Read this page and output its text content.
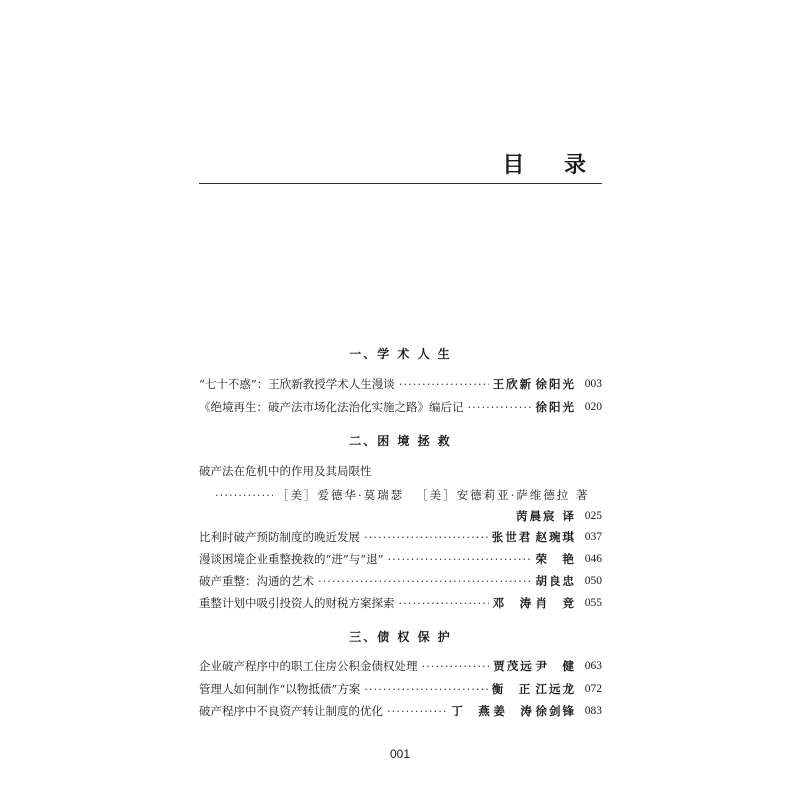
目 录
一、学 术 人 生
“七十不惑”：王欣新教授学术人生漫谈 ·····	王欣新 徐阳光 003
《绝境再生：破产法市场化法治化实施之路》编后记 ·····	徐阳光 020
二、困 境 拯 救
破产法在危机中的作用及其局限性
·····
［美］爱德华·莫瑞瑟 ［美］安德莉亚·萨维德拉 著
苪晨宸 译 025
比利时破产预防制度的晚近发展 ·····	张世君 赵琬琪 037
漫谈困境企业重整挽救的“进”与“退” ·····	荣　艳 046
破产重整：沟通的艺术 ·····	胡良忠 050
重整计划中吸引投资人的财税方案探索 ·····	邓　涛 肖　竞 055
三、债 权 保 护
企业破产程序中的职工住房公积金债权处理 ·····	贾茂远 尹　健 063
管理人如何制作“以物抵债”方案 ·····	衡　正 江远龙 072
破产程序中不良资产转让制度的优化 ·····	丁　燕 姜　涛 徐剑锋 083
001
